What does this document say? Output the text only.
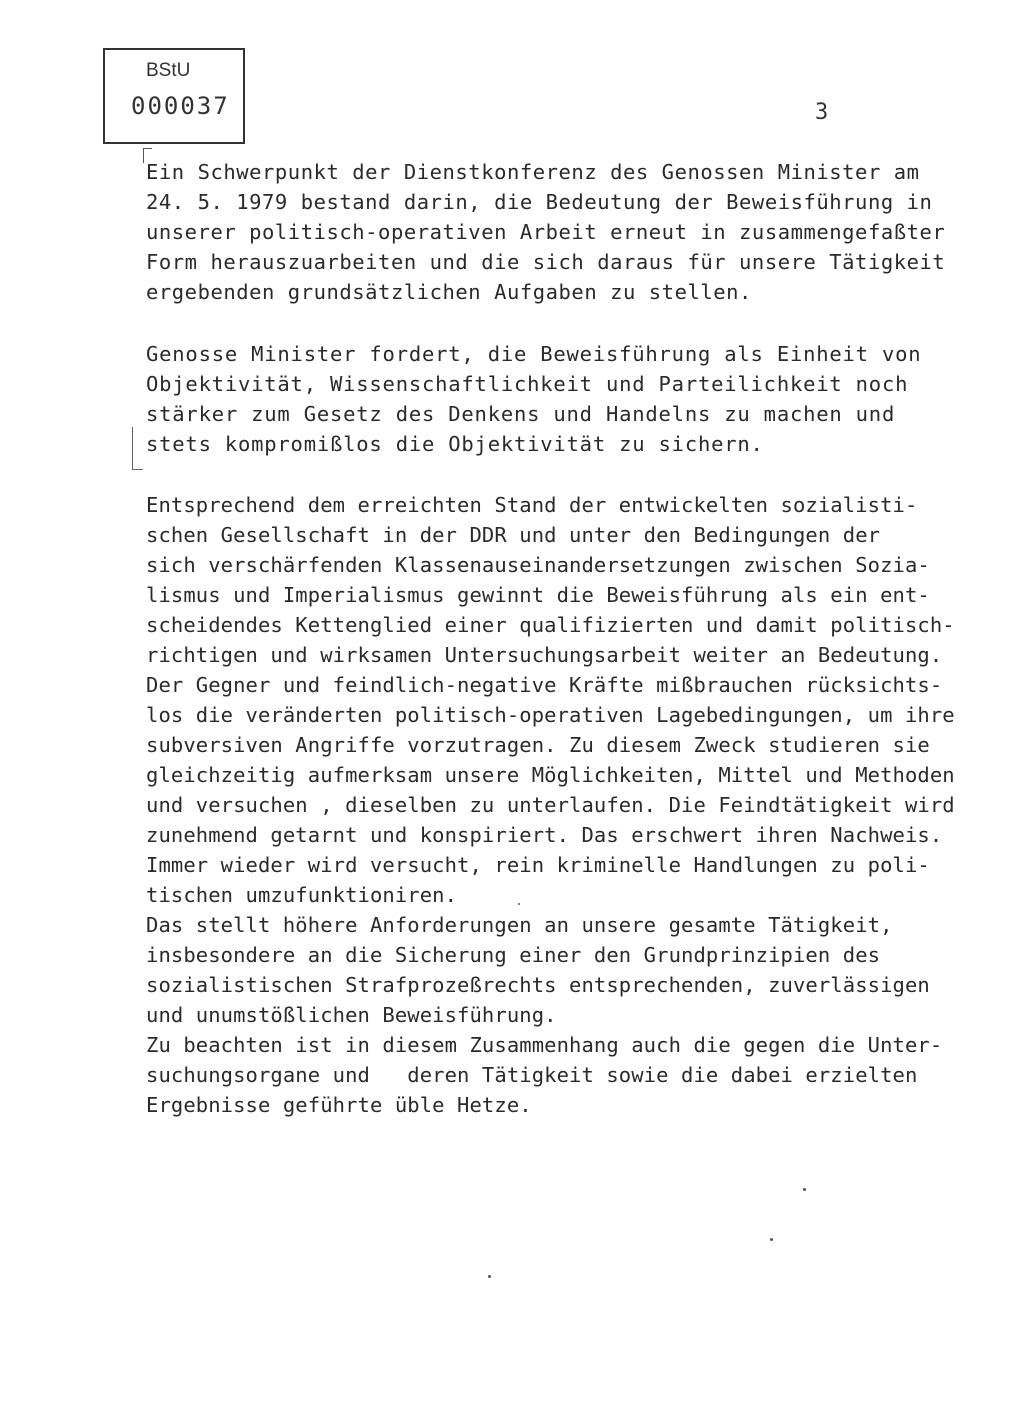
BStU
000037	3
Ein Schwerpunkt der Dienstkonferenz des Genossen Minister am
24. 5. 1979 bestand darin, die Bedeutung der Beweisführung in
unserer politisch-operativen Arbeit erneut in zusammengefaßter
Form herauszuarbeiten und die sich daraus für unsere Tätigkeit
ergebenden grundsätzlichen Aufgaben zu stellen.
Genosse Minister fordert, die Beweisführung als Einheit von
Objektivität, Wissenschaftlichkeit und Parteilichkeit noch
stärker zum Gesetz des Denkens und Handelns zu machen und
stets kompromißlos die Objektivität zu sichern.
Entsprechend dem erreichten Stand der entwickelten sozialisti-
schen Gesellschaft in der DDR und unter den Bedingungen der
sich verschärfenden Klassenauseinandersetzungen zwischen Sozia-
lismus und Imperialismus gewinnt die Beweisführung als ein ent-
scheidendes Kettenglied einer qualifizierten und damit politisch-
richtigen und wirksamen Untersuchungsarbeit weiter an Bedeutung.
Der Gegner und feindlich-negative Kräfte mißbrauchen rücksichts-
los die veränderten politisch-operativen Lagebedingungen, um ihre
subversiven Angriffe vorzutragen. Zu diesem Zweck studieren sie
gleichzeitig aufmerksam unsere Möglichkeiten, Mittel und Methoden
und versuchen , dieselben zu unterlaufen. Die Feindtätigkeit wird
zunehmend getarnt und konspiriert. Das erschwert ihren Nachweis.
Immer wieder wird versucht, rein kriminelle Handlungen zu poli-
tischen umzufunktioniren.
Das stellt höhere Anforderungen an unsere gesamte Tätigkeit,
insbesondere an die Sicherung einer den Grundprinzipien des
sozialistischen Strafprozeßrechts entsprechenden, zuverlässigen
und unumstößlichen Beweisführung.
Zu beachten ist in diesem Zusammenhang auch die gegen die Unter-
suchungsorgane und   deren Tätigkeit sowie die dabei erzielten
Ergebnisse geführte üble Hetze.
